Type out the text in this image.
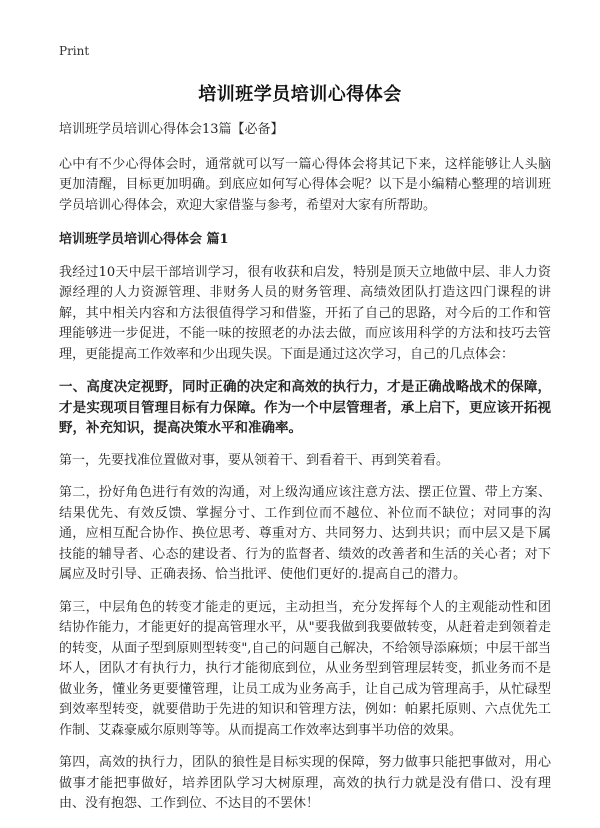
Print
培训班学员培训心得体会

培训班学员培训心得体会13篇【必备】

心中有不少心得体会时，通常就可以写一篇心得体会将其记下来，这样能够让人头脑更加清醒，目标更加明确。到底应如何写心得体会呢？以下是小编精心整理的培训班学员培训心得体会，欢迎大家借鉴与参考，希望对大家有所帮助。

培训班学员培训心得体会 篇1

我经过10天中层干部培训学习，很有收获和启发，特别是顶天立地做中层、非人力资源经理的人力资源管理、非财务人员的财务管理、高绩效团队打造这四门课程的讲解，其中相关内容和方法很值得学习和借鉴，开拓了自己的思路，对今后的工作和管理能够进一步促进，不能一味的按照老的办法去做，而应该用科学的方法和技巧去管理，更能提高工作效率和少出现失误。下面是通过这次学习，自己的几点体会：

一、高度决定视野，同时正确的决定和高效的执行力，才是正确战略战术的保障，才是实现项目管理目标有力保障。作为一个中层管理者，承上启下，更应该开拓视野，补充知识，提高决策水平和准确率。

第一，先要找准位置做对事，要从领着干、到看着干、再到笑着看。

第二，扮好角色进行有效的沟通，对上级沟通应该注意方法、摆正位置、带上方案、结果优先、有效反馈、掌握分寸、工作到位而不越位、补位而不缺位；对同事的沟通，应相互配合协作、换位思考、尊重对方、共同努力、达到共识；而中层又是下属技能的辅导者、心态的建设者、行为的监督者、绩效的改善者和生活的关心者；对下属应及时引导、正确表扬、恰当批评、使他们更好的.提高自己的潜力。

第三，中层角色的转变才能走的更远，主动担当，充分发挥每个人的主观能动性和团结协作能力，才能更好的提高管理水平，从"要我做到我要做转变，从赶着走到领着走的转变，从面子型到原则型转变",自己的问题自己解决，不给领导添麻烦；中层干部当坏人，团队才有执行力，执行才能彻底到位，从业务型到管理层转变，抓业务而不是做业务，懂业务更要懂管理，让员工成为业务高手，让自己成为管理高手，从忙碌型到效率型转变，就要借助于先进的知识和管理方法，例如：帕累托原则、六点优先工作制、艾森豪威尔原则等等。从而提高工作效率达到事半功倍的效果。

第四，高效的执行力，团队的狼性是目标实现的保障，努力做事只能把事做对，用心做事才能把事做好，培养团队学习大树原理，高效的执行力就是没有借口、没有理由、没有抱怨、工作到位、不达目的不罢休！
